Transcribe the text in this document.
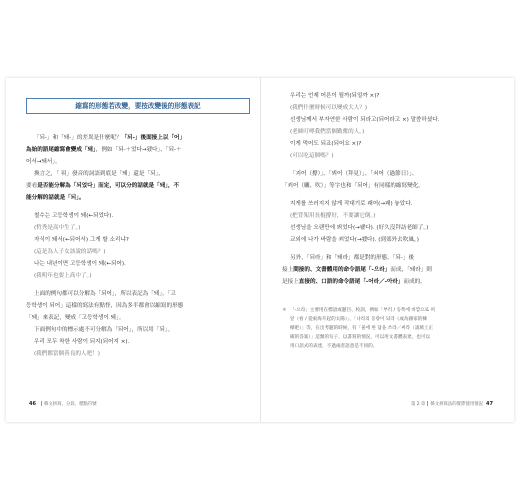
縮寫的形態若改變，要按改變後的形態表記

「되-」和「돼-」的差異是什麼呢？「되-」後面接上以「어」

為始的語尾縮寫會變成「돼」，例如「되-＋었다→됐다」、「되-＋

어서→돼서」。

換言之，「 뭐」發音的詞語到底是「돼」還是「되」，

要看是否能分解為「되었다」而定，可以分的話就是「돼」，不

能分解的話就是「되」。

철수는 고등학생이 돼(←되었다).

(哲秀是高中生了。)

자식이 돼서(←되어서) 그게 할 소리냐?

(這是為人子女該說的話嗎？)

나는 내년이면 고등학생이 돼(←되어).

(我明年也要上高中了。)

上面的例句都可以分解為「되어」，所以表記為「돼」。「고

등학생이 되어」這樣的寫法有點怪，因為多半都會以縮寫的形態

「돼」來表記，變成「고등학생이 돼」。

下面例句中的標示處不可分解為「되어」，所以用「되」。

우리 모두 착한 사람이 되지(되어지 ×).

(我們都當個善良的人吧！)

46 韓文拼寫、分段、標點符號

우리는 언제 어른이 될까(되얼까 ×)?

(我們什麼時候可以變成大人？)

선생님께서 부자연한 사람이 되라고(되어라고 ×) 말씀하셨다.

(老師叮嚀我們當個勤奮的人。)

이게 먹어도 되죠(되어요 ×)?

(可以吃這個嗎？)

「괴어（撐）」、「뵈어（拜見）」、「쇠어（過節日）」、

「쐬어（曬、吹）」等字也和「되어」有同樣的縮寫變化。

지게를 쓰러지지 않게 작대기로 괘어(→괘) 놓았다.

(把背架用長棍撐好，不要讓它倒。)

선생님을 오랜만에 뵈었다(→뵀다). (好久沒拜訪老師了。)

교외에 나가 바람을 쐬었다(→쐤다). (到郊外去吹風。)

另外，「되라」和「돼라」都是對的形態。「되-」後

接上間接的、文書體用的命令語尾「-으라」而成，「돼라」則

是接上直接的、口語的命令語尾「-어라／-아라」而成的。

＊ 「-으라」主要用在標語或題目、校訓，例如「부러 / 동쪽에 바깥으로 떠
앞（看 / 從東海升起的太陽）」、「나라의 동량이 되라（成為國家的棟
樑吧）」等，在出考題的時候，有「물에 한 답을 쓰라／써라（請填上正
確的答案）」這類的句子，以書寫的情況，可以用文書體表達，也可以
用口語式的表達，不過兩者語意是不同的。
第 2 章 韓文拼寫法的實際使用情況 47
